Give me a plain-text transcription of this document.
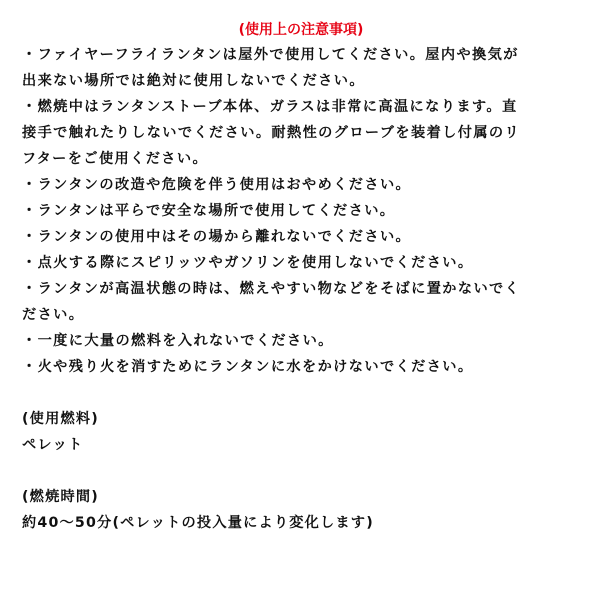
(使用上の注意事項)

・ファイヤーフライランタンは屋外で使用してください。屋内や換気が

出来ない場所では絶対に使用しないでください。

・燃焼中はランタンストーブ本体、ガラスは非常に高温になります。直

接手で触れたりしないでください。耐熱性のグローブを装着し付属のリ

フターをご使用ください。

・ランタンの改造や危険を伴う使用はおやめください。

・ランタンは平らで安全な場所で使用してください。

・ランタンの使用中はその場から離れないでください。

・点火する際にスピリッツやガソリンを使用しないでください。

・ランタンが高温状態の時は、燃えやすい物などをそばに置かないでく

ださい。

・一度に大量の燃料を入れないでください。

・火や残り火を消すためにランタンに水をかけないでください。

(使用燃料)

ペレット

(燃焼時間)

約40〜50分(ペレットの投入量により変化します)
